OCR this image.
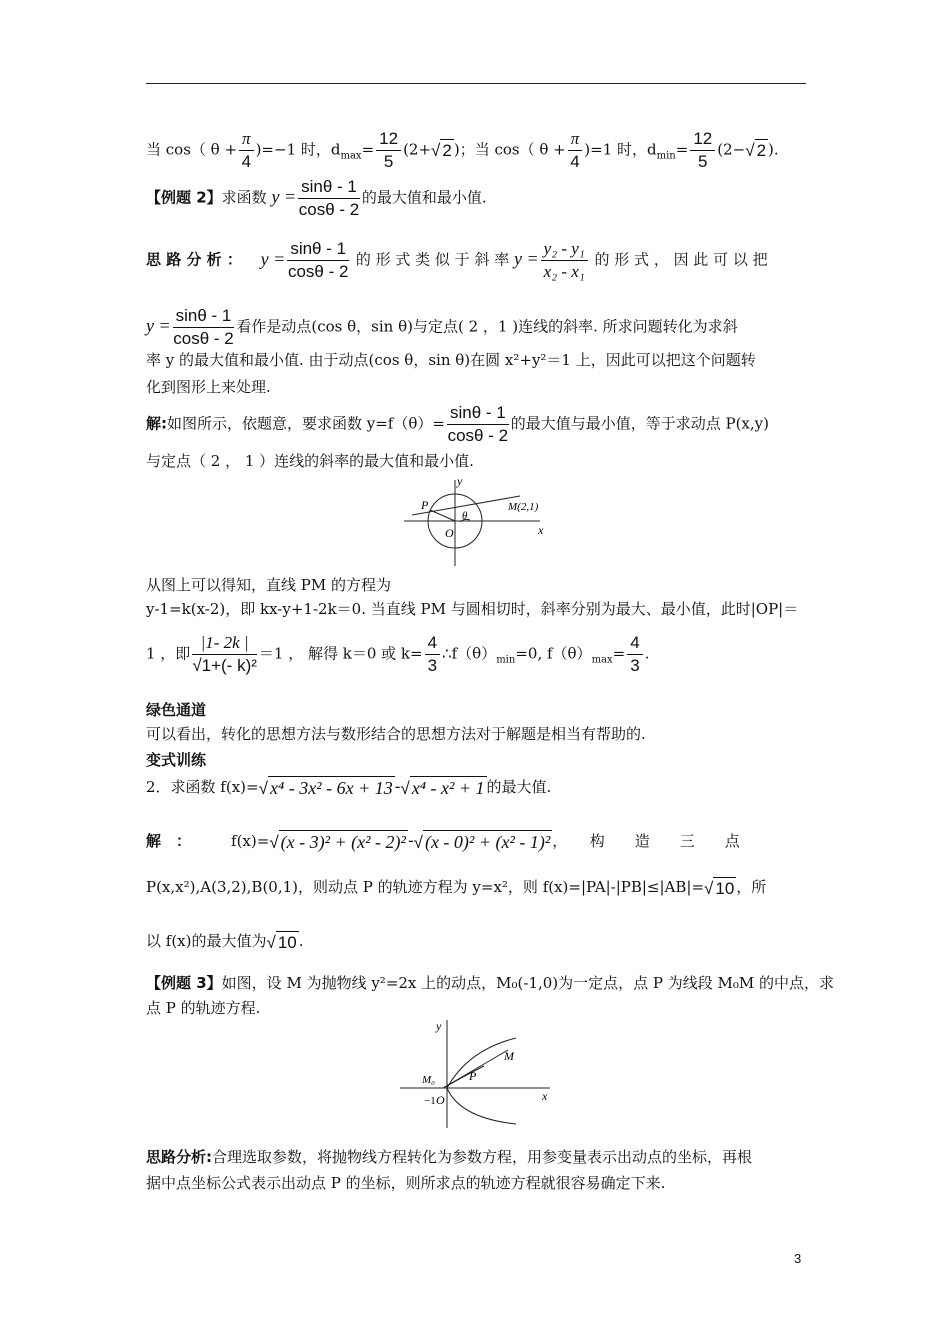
当 cos（ $\theta + \frac{\pi}{4} )=-1$ 时，$d_{max}= \frac{12}{5} (2+√$ 2 )；当 cos（ $\theta + \frac{\pi}{4} )=1$ 时，$d_{min}= \frac{12}{5} (2-√$ 2 ).
【例题 2】求函数 $y = \frac{\sin\theta - 1}{\cos\theta - 2}$ 的最大值和最小值.
思 路 分 析 ： $y = \frac{\sin\theta - 1}{\cos\theta - 2}$ 的 形 式 类 似 于 斜 率 $y = \frac{\text{y₂ - y₁}}{\text{x₂ - x₁}}$ 的 形 式 ， 因 此 可 以 把
$y = \frac{\sin\theta - 1}{\cos\theta - 2}$ 看作是动点(cos θ，sin θ)与定点( 2 ，1 )连线的斜率. 所求问题转化为求斜
率 y 的最大值和最小值. 由于动点(cos θ，sin θ)在圆 x²+y²＝1 上，因此可以把这个问题转
化到图形上来处理.
解:如图所示，依题意，要求函数 $y=f(\theta)= \frac{\sin\theta - 1}{\cos\theta - 2}$ 的最大值与最小值，等于求动点 P(x,y)
与定点（ 2 ， 1 ）连线的斜率的最大值和最小值.
y
x
P
O
θ
M(2,1)
从图上可以得知，直线 PM 的方程为
y-1=k(x-2)，即 kx-y+1-2k＝0. 当直线 PM 与圆相切时，斜率分别为最大、最小值，此时|OP|＝
1 ，即 $\frac{|1- 2k |}{\text{√1+(- k)²}} =1$ ， 解得 k＝0 或 $k= \frac{4}{3}$ $\therefore f(\theta)_{min}=0$, $f(\theta)_{max}= \frac{4}{3}$ .
绿色通道
可以看出，转化的思想方法与数形结合的思想方法对于解题是相当有帮助的.
变式训练
2．求函数 f(x)=√ x⁴ - 3x² - 6x + 13 -√ x⁴ - x² + 1 的最大值.
解　：	f(x)=√ (x - 3)² + (x² - 2)² -√ (x - 0)² + (x² - 1)² ，　　构　　造　　三　　点
P(x,x²),A(3,2),B(0,1)，则动点 P 的轨迹方程为 y=x²，则 f(x)=|PA|-|PB|≤|AB|=√ 10 ，所
以 f(x)的最大值为√ 10 .
【例题 3】如图，设 M 为抛物线 y²=2x 上的动点，M₀(-1,0)为一定点，点 P 为线段 M₀M 的中点，求
点 P 的轨迹方程.
y
x
M
P
M₀
−1 O
思路分析:合理选取参数，将抛物线方程转化为参数方程，用参变量表示出动点的坐标，再根
据中点坐标公式表示出动点 P 的坐标，则所求点的轨迹方程就很容易确定下来.
3
